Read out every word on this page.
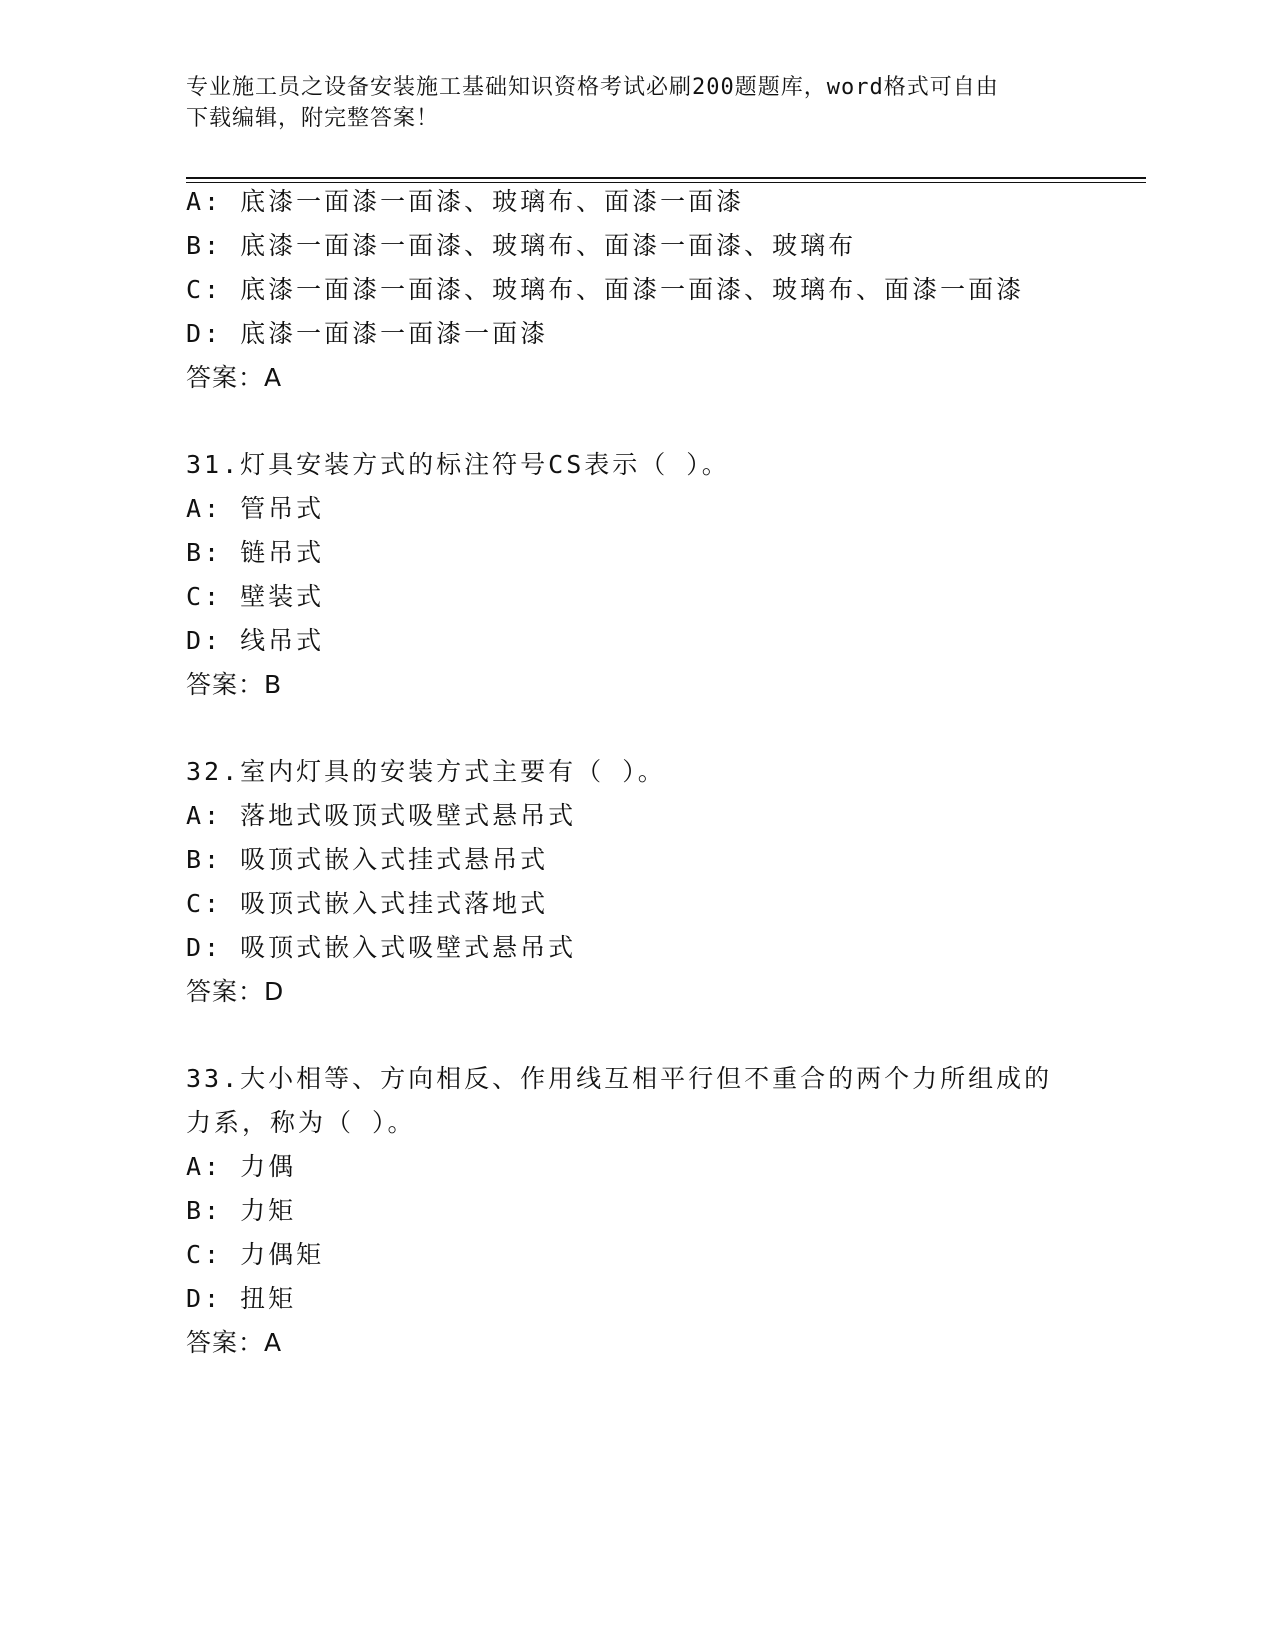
专业施工员之设备安装施工基础知识资格考试必刷200题题库，word格式可自由
下载编辑，附完整答案！
A: 底漆一面漆一面漆、玻璃布、面漆一面漆
B: 底漆一面漆一面漆、玻璃布、面漆一面漆、玻璃布
C: 底漆一面漆一面漆、玻璃布、面漆一面漆、玻璃布、面漆一面漆
D: 底漆一面漆一面漆一面漆
答案：A
31.灯具安装方式的标注符号CS表示（ ）。
A: 管吊式
B: 链吊式
C: 壁装式
D: 线吊式
答案：B
32.室内灯具的安装方式主要有（ ）。
A: 落地式吸顶式吸壁式悬吊式
B: 吸顶式嵌入式挂式悬吊式
C: 吸顶式嵌入式挂式落地式
D: 吸顶式嵌入式吸壁式悬吊式
答案：D
33.大小相等、方向相反、作用线互相平行但不重合的两个力所组成的
力系，称为（ ）。
A: 力偶
B: 力矩
C: 力偶矩
D: 扭矩
答案：A
